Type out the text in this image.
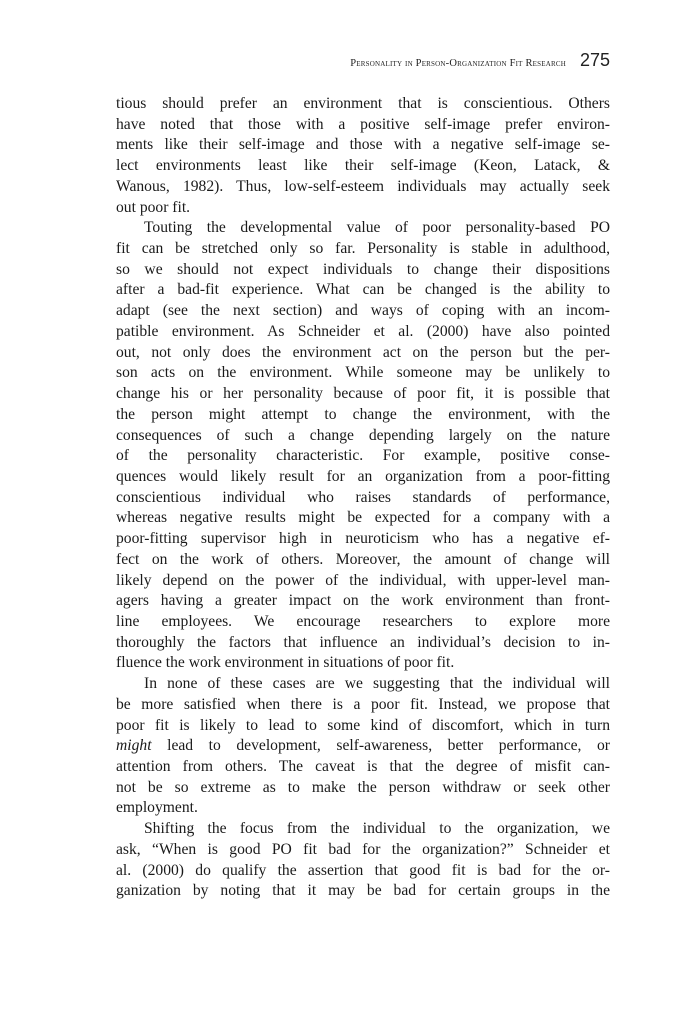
Personality in Person-Organization Fit Research 275
tious should prefer an environment that is conscientious. Others
have noted that those with a positive self-image prefer environ-
ments like their self-image and those with a negative self-image se-
lect environments least like their self-image (Keon, Latack, &
Wanous, 1982). Thus, low-self-esteem individuals may actually seek
out poor fit.
Touting the developmental value of poor personality-based PO
fit can be stretched only so far. Personality is stable in adulthood,
so we should not expect individuals to change their dispositions
after a bad-fit experience. What can be changed is the ability to
adapt (see the next section) and ways of coping with an incom-
patible environment. As Schneider et al. (2000) have also pointed
out, not only does the environment act on the person but the per-
son acts on the environment. While someone may be unlikely to
change his or her personality because of poor fit, it is possible that
the person might attempt to change the environment, with the
consequences of such a change depending largely on the nature
of the personality characteristic. For example, positive conse-
quences would likely result for an organization from a poor-fitting
conscientious individual who raises standards of performance,
whereas negative results might be expected for a company with a
poor-fitting supervisor high in neuroticism who has a negative ef-
fect on the work of others. Moreover, the amount of change will
likely depend on the power of the individual, with upper-level man-
agers having a greater impact on the work environment than front-
line employees. We encourage researchers to explore more
thoroughly the factors that influence an individual’s decision to in-
fluence the work environment in situations of poor fit.
In none of these cases are we suggesting that the individual will
be more satisfied when there is a poor fit. Instead, we propose that
poor fit is likely to lead to some kind of discomfort, which in turn
might lead to development, self-awareness, better performance, or
attention from others. The caveat is that the degree of misfit can-
not be so extreme as to make the person withdraw or seek other
employment.
Shifting the focus from the individual to the organization, we
ask, “When is good PO fit bad for the organization?” Schneider et
al. (2000) do qualify the assertion that good fit is bad for the or-
ganization by noting that it may be bad for certain groups in the
